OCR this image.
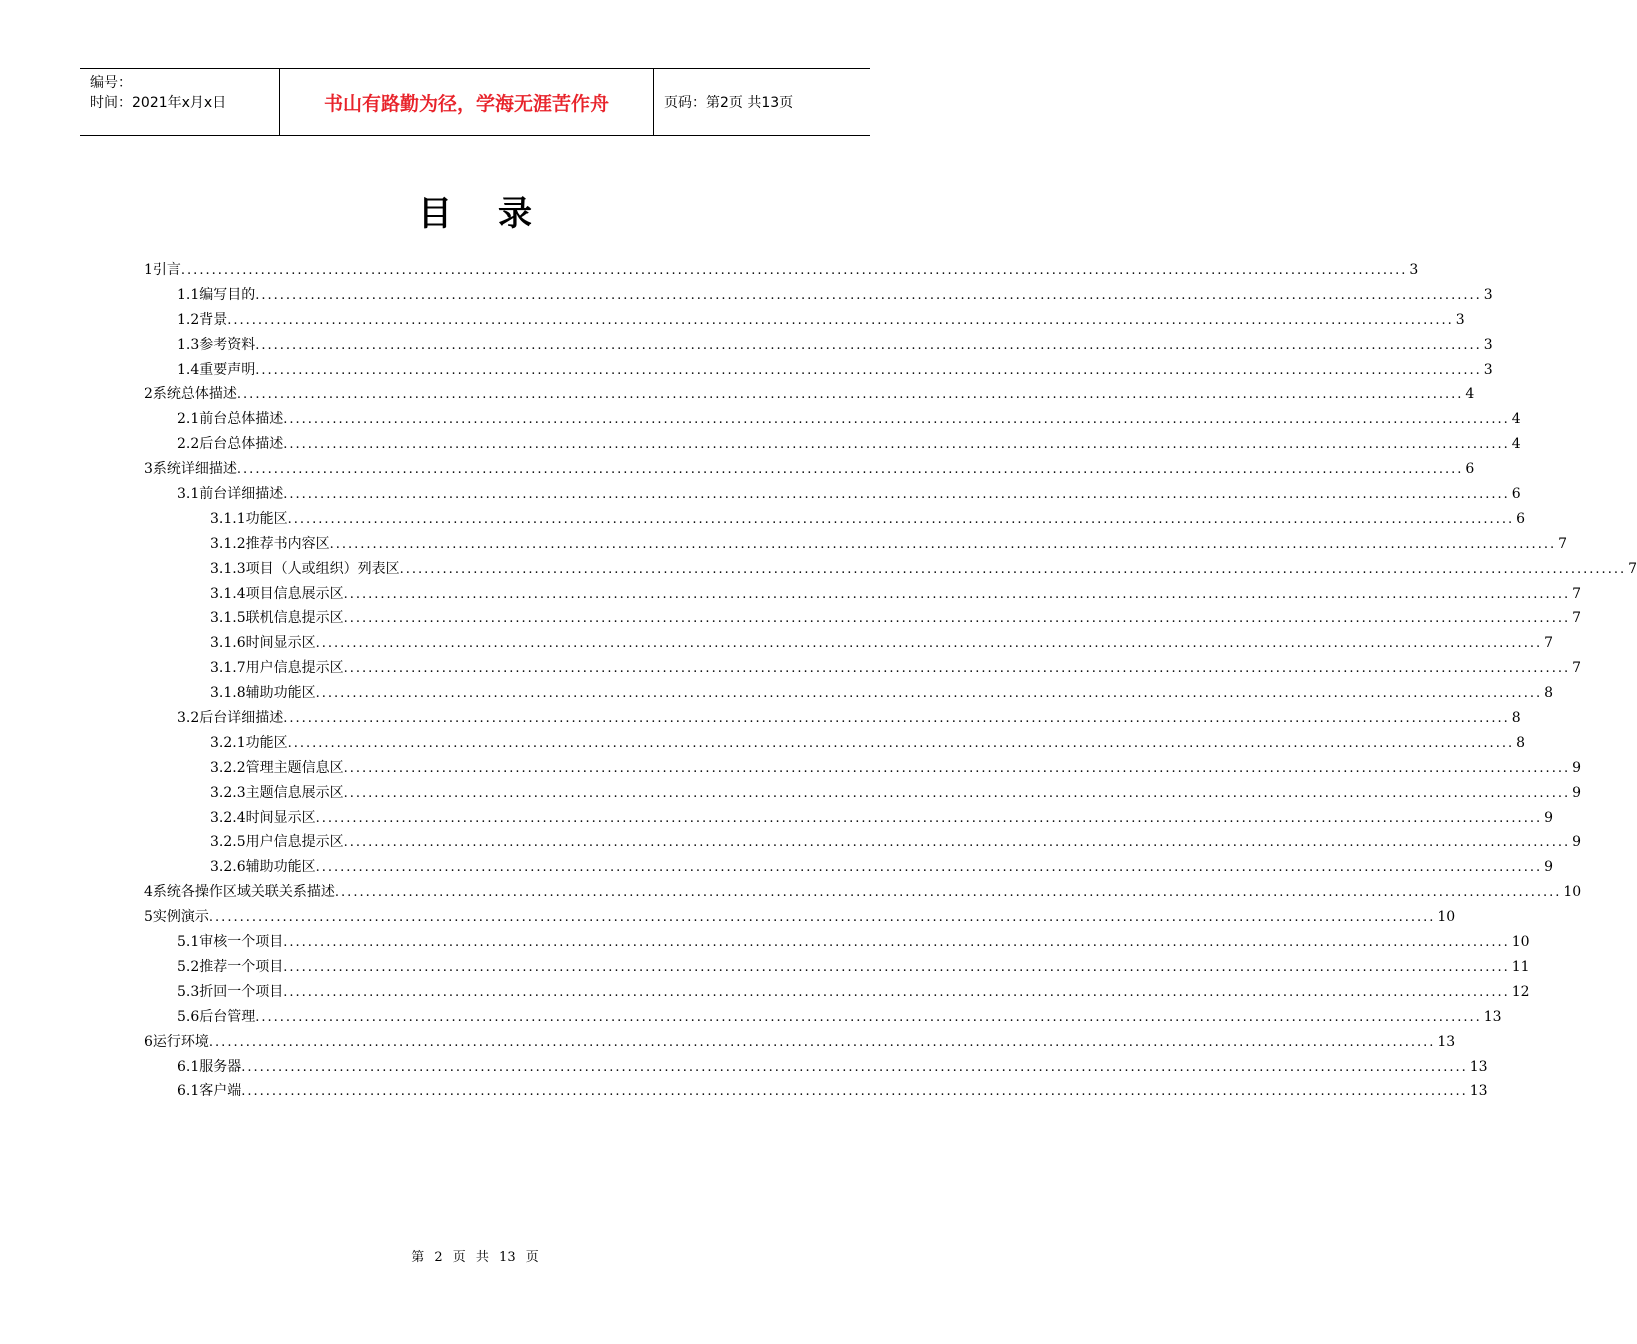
编号：
时间：2021年x月x日	书山有路勤为径，学海无涯苦作舟	页码：第2页 共13页
目录
1引言 ........................................................................................................................................................................................................ 3
1.1编写目的 ........................................................................................................................................................................................................ 3
1.2背景 ........................................................................................................................................................................................................ 3
1.3参考资料 ........................................................................................................................................................................................................ 3
1.4重要声明 ........................................................................................................................................................................................................ 3
2系统总体描述 ........................................................................................................................................................................................................ 4
2.1前台总体描述 ........................................................................................................................................................................................................ 4
2.2后台总体描述 ........................................................................................................................................................................................................ 4
3系统详细描述 ........................................................................................................................................................................................................ 6
3.1前台详细描述 ........................................................................................................................................................................................................ 6
3.1.1功能区 ........................................................................................................................................................................................................ 6
3.1.2推荐书内容区 ........................................................................................................................................................................................................ 7
3.1.3项目（人或组织）列表区 ........................................................................................................................................................................................................ 7
3.1.4项目信息展示区 ........................................................................................................................................................................................................ 7
3.1.5联机信息提示区 ........................................................................................................................................................................................................ 7
3.1.6时间显示区 ........................................................................................................................................................................................................ 7
3.1.7用户信息提示区 ........................................................................................................................................................................................................ 7
3.1.8辅助功能区 ........................................................................................................................................................................................................ 8
3.2后台详细描述 ........................................................................................................................................................................................................ 8
3.2.1功能区 ........................................................................................................................................................................................................ 8
3.2.2管理主题信息区 ........................................................................................................................................................................................................ 9
3.2.3主题信息展示区 ........................................................................................................................................................................................................ 9
3.2.4时间显示区 ........................................................................................................................................................................................................ 9
3.2.5用户信息提示区 ........................................................................................................................................................................................................ 9
3.2.6辅助功能区 ........................................................................................................................................................................................................ 9
4系统各操作区域关联关系描述 ........................................................................................................................................................................................................ 10
5实例演示 ........................................................................................................................................................................................................ 10
5.1审核一个项目 ........................................................................................................................................................................................................ 10
5.2推荐一个项目 ........................................................................................................................................................................................................ 11
5.3折回一个项目 ........................................................................................................................................................................................................ 12
5.6后台管理 ........................................................................................................................................................................................................ 13
6运行环境 ........................................................................................................................................................................................................ 13
6.1服务器 ........................................................................................................................................................................................................ 13
6.1客户端 ........................................................................................................................................................................................................ 13
第 2 页 共 13 页
